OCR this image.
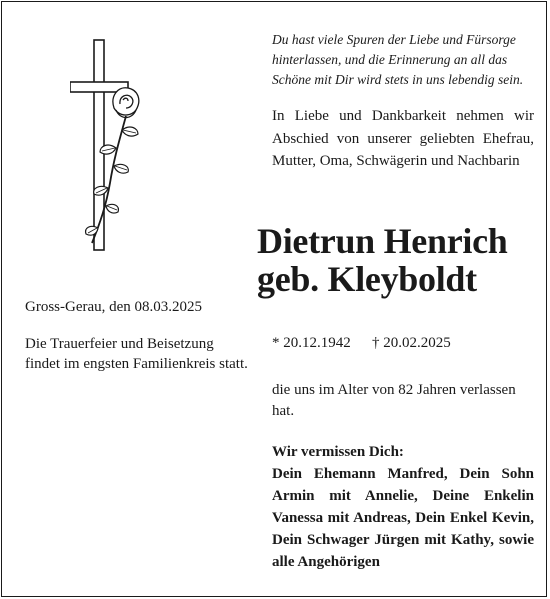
Du hast viele Spuren der Liebe und Fürsorge
hinterlassen, und die Erinnerung an all das
Schöne mit Dir wird stets in uns lebendig sein.
In Liebe und Dankbarkeit nehmen wir Abschied von unserer geliebten Ehefrau, Mutter, Oma, Schwägerin und Nachbarin
Dietrun Henrich
geb. Kleyboldt
* 20.12.1942 † 20.02.2025
die uns im Alter von 82 Jahren verlassen hat.
Wir vermissen Dich:
Dein Ehemann Manfred, Dein Sohn Armin mit Annelie, Deine Enkelin Vanessa mit Andreas, Dein Enkel Kevin, Dein Schwager Jürgen mit Kathy, sowie alle Angehörigen
Gross-Gerau, den 08.03.2025
Die Trauerfeier und Beisetzung findet im engsten Familienkreis statt.
